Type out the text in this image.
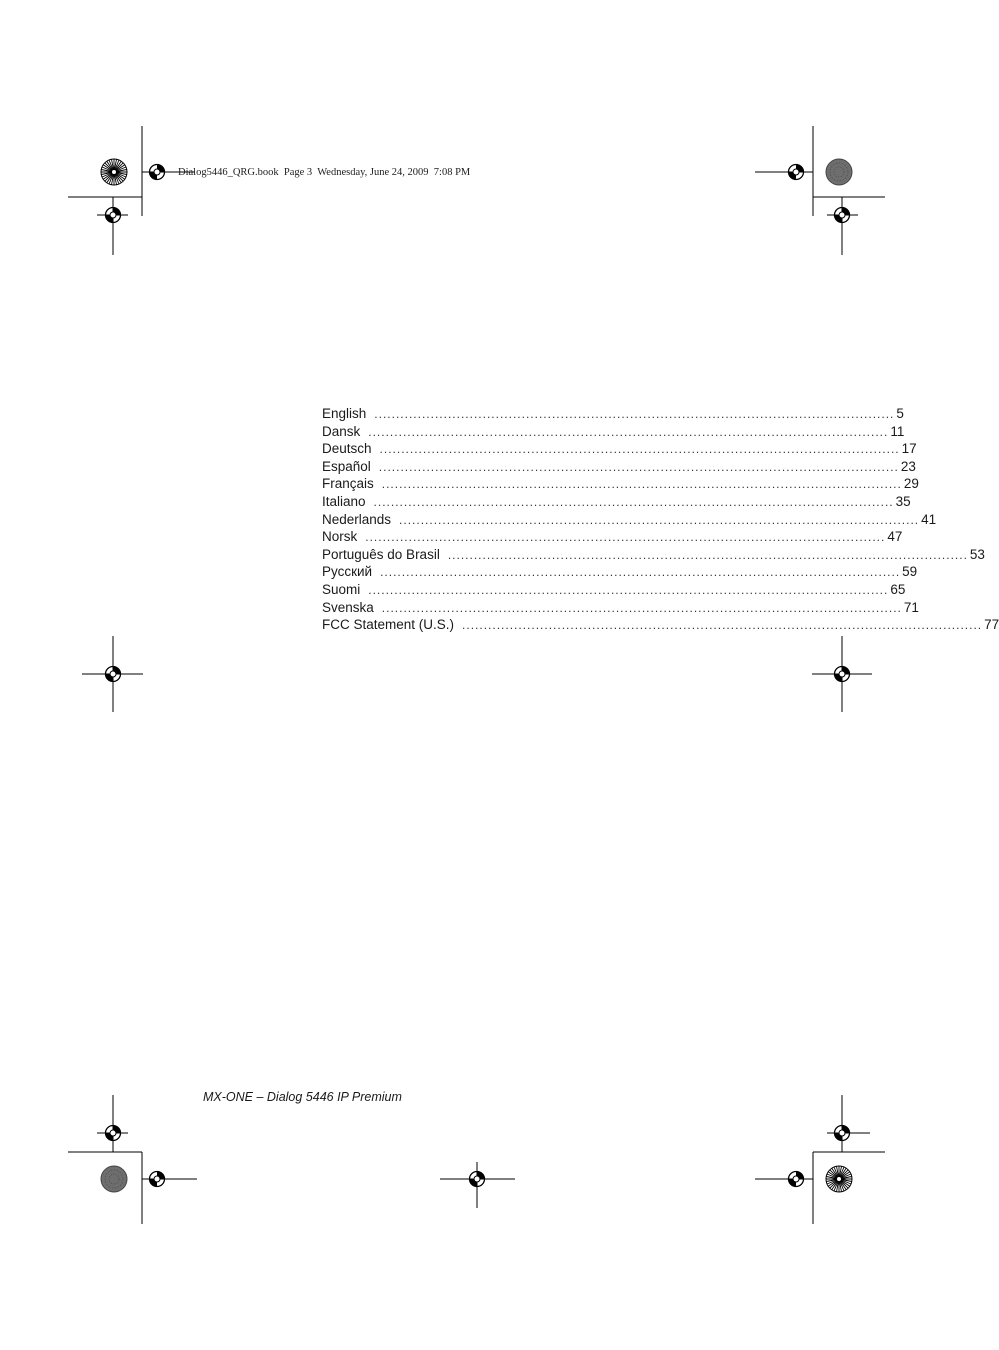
Dialog5446_QRG.book  Page 3  Wednesday, June 24, 2009  7:08 PM
English ........................................................................................................................ 5
Dansk ........................................................................................................................ 11
Deutsch ........................................................................................................................ 17
Español ........................................................................................................................ 23
Français ........................................................................................................................ 29
Italiano ........................................................................................................................ 35
Nederlands ........................................................................................................................ 41
Norsk ........................................................................................................................ 47
Português do Brasil ........................................................................................................................ 53
Русский ........................................................................................................................ 59
Suomi ........................................................................................................................ 65
Svenska ........................................................................................................................ 71
FCC Statement (U.S.) ........................................................................................................................ 77
MX-ONE – Dialog 5446 IP Premium
